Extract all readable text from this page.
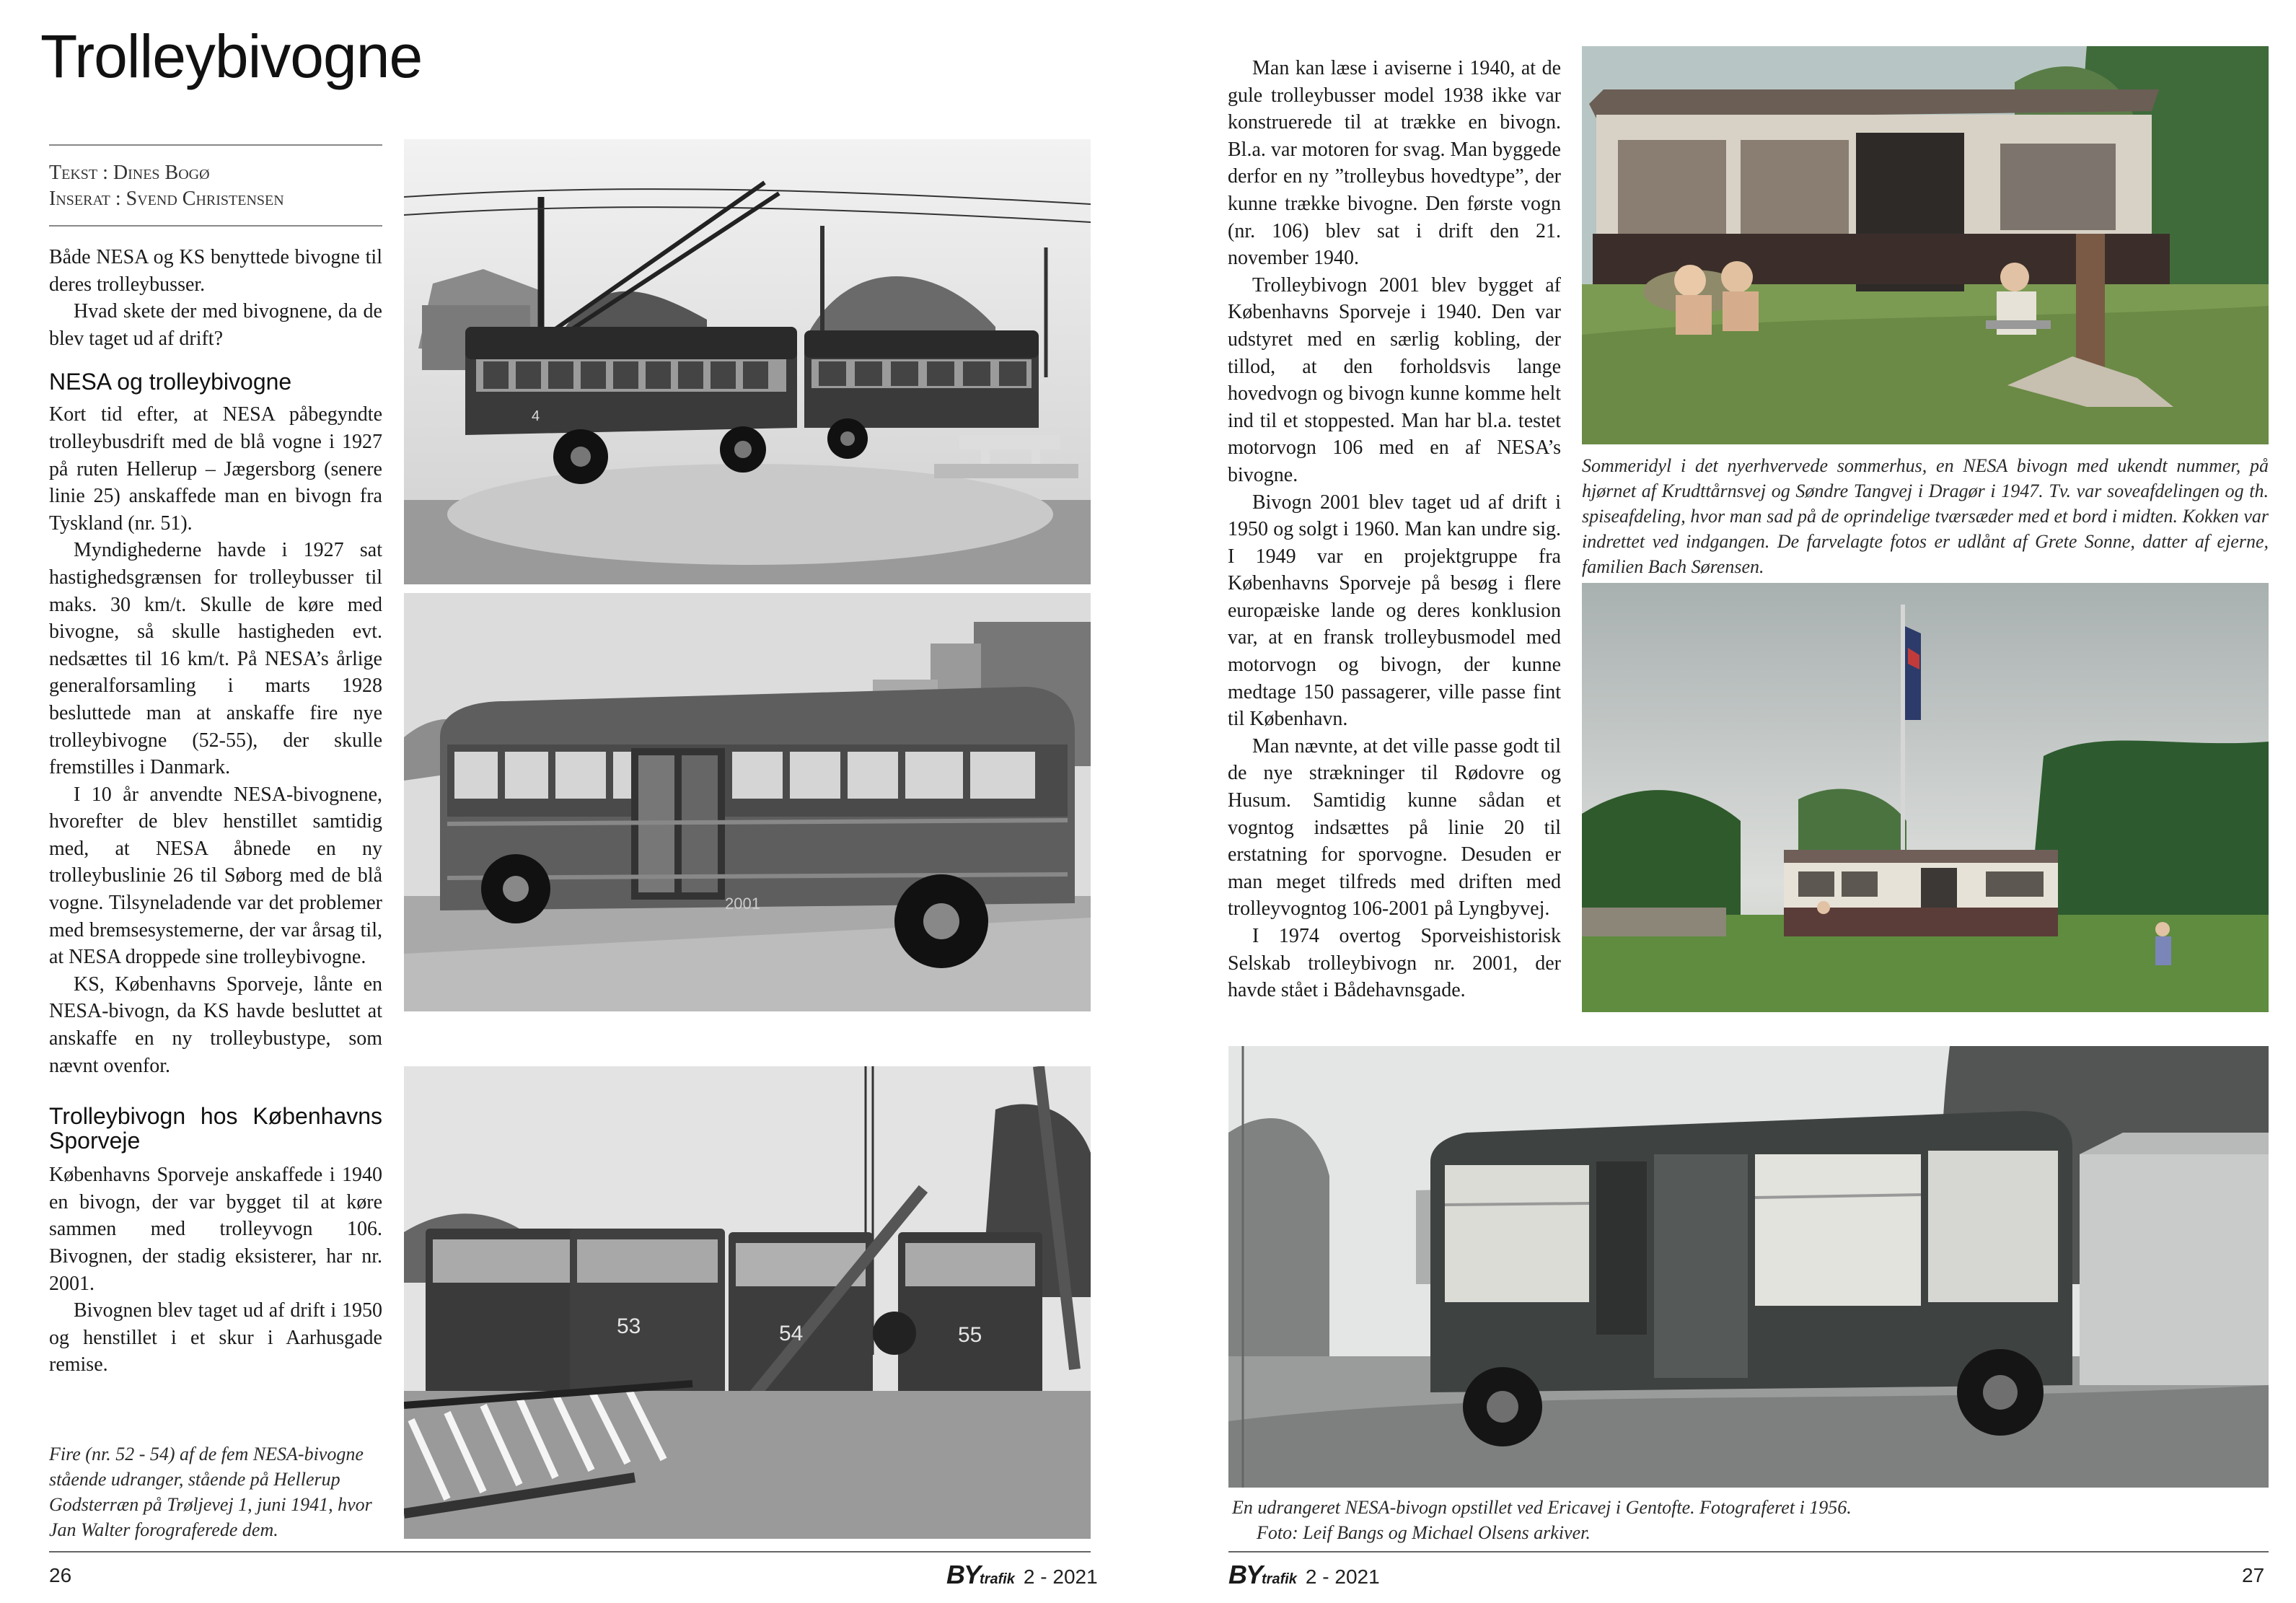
Trolleybivogne
Tekst : Dines Bogø
Inserat : Svend Christensen

Både NESA og KS benyttede bivogne til deres trolleybusser.

Hvad skete der med bivognene, da de blev taget ud af drift?

NESA og trolleybivogne

Kort tid efter, at NESA påbegyndte trolleybusdrift med de blå vogne i 1927 på ruten Hellerup – Jægersborg (senere linie 25) anskaffede man en bivogn fra Tyskland (nr. 51).

Myndighederne havde i 1927 sat hastighedsgrænsen for trolleybusser til maks. 30 km/t. Skulle de køre med bivogne, så skulle hastigheden evt. nedsættes til 16 km/t. På NESA’s årlige generalforsamling i marts 1928 besluttede man at anskaffe fire nye trolleybivogne (52-55), der skulle fremstilles i Danmark.

I 10 år anvendte NESA-bivognene, hvorefter de blev henstillet samtidig med, at NESA åbnede en ny trolleybuslinie 26 til Søborg med de blå vogne. Tilsyneladende var det problemer med bremsesystemerne, der var årsag til, at NESA droppede sine trolleybivogne.

KS, Københavns Sporveje, lånte en NESA-bivogn, da KS havde besluttet at anskaffe en ny trolleybustype, som nævnt ovenfor.

Trolleybivogn hos Københavns Sporveje

Københavns Sporveje anskaffede i 1940 en bivogn, der var bygget til at køre sammen med trolleyvogn 106. Bivognen, der stadig eksisterer, har nr. 2001.

Bivognen blev taget ud af drift i 1950 og henstillet i et skur i Aarhusgade remise.

Fire (nr. 52 - 54) af de fem NESA-bivogne stående udranger, stående på Hellerup Godsterræn på Trøljevej 1, juni 1941, hvor Jan Walter forograferede dem.
4
2001
53	54	55
26	BYtrafik 2 - 2021

Man kan læse i aviserne i 1940, at de gule trolleybusser model 1938 ikke var konstruerede til at trække en bivogn. Bl.a. var motoren for svag. Man byggede derfor en ny ”trolleybus hovedtype”, der kunne trække bivogne. Den første vogn (nr. 106) blev sat i drift den 21. november 1940.

Trolleybivogn 2001 blev bygget af Københavns Sporveje i 1940. Den var udstyret med en særlig kobling, der tillod, at den forholdsvis lange hovedvogn og bivogn kunne komme helt ind til et stoppested. Man har bl.a. testet motorvogn 106 med en af NESA’s bivogne.

Bivogn 2001 blev taget ud af drift i 1950 og solgt i 1960. Man kan undre sig. I 1949 var en projektgruppe fra Københavns Sporveje på besøg i flere europæiske lande og deres konklusion var, at en fransk trolleybusmodel med motorvogn og bivogn, der kunne medtage 150 passagerer, ville passe fint til København.

Man nævnte, at det ville passe godt til de nye strækninger til Rødovre og Husum. Samtidig kunne sådan et vogntog indsættes på linie 20 til erstatning for sporvogne. Desuden er man meget tilfreds med driften med trolleyvogntog 106-2001 på Lyngbyvej.

I 1974 overtog Sporveishistorisk Selskab trolleybivogn nr. 2001, der havde stået i Bådehavnsgade.

Sommeridyl i det nyerhvervede sommerhus, en NESA bivogn med ukendt nummer, på hjørnet af Krudttårnsvej og Søndre Tangvej i Dragør i 1947. Tv. var soveafdelingen og th. spiseafdeling, hvor man sad på de oprindelige tværsæder med et bord i midten. Kokken var indrettet ved indgangen. De farvelagte fotos er udlånt af Grete Sonne, datter af ejerne, familien Bach Sørensen.
En udrangeret NESA-bivogn opstillet ved Ericavej i Gentofte. Fotograferet i 1956.
Foto: Leif Bangs og Michael Olsens arkiver.
BYtrafik 2 - 2021	27
